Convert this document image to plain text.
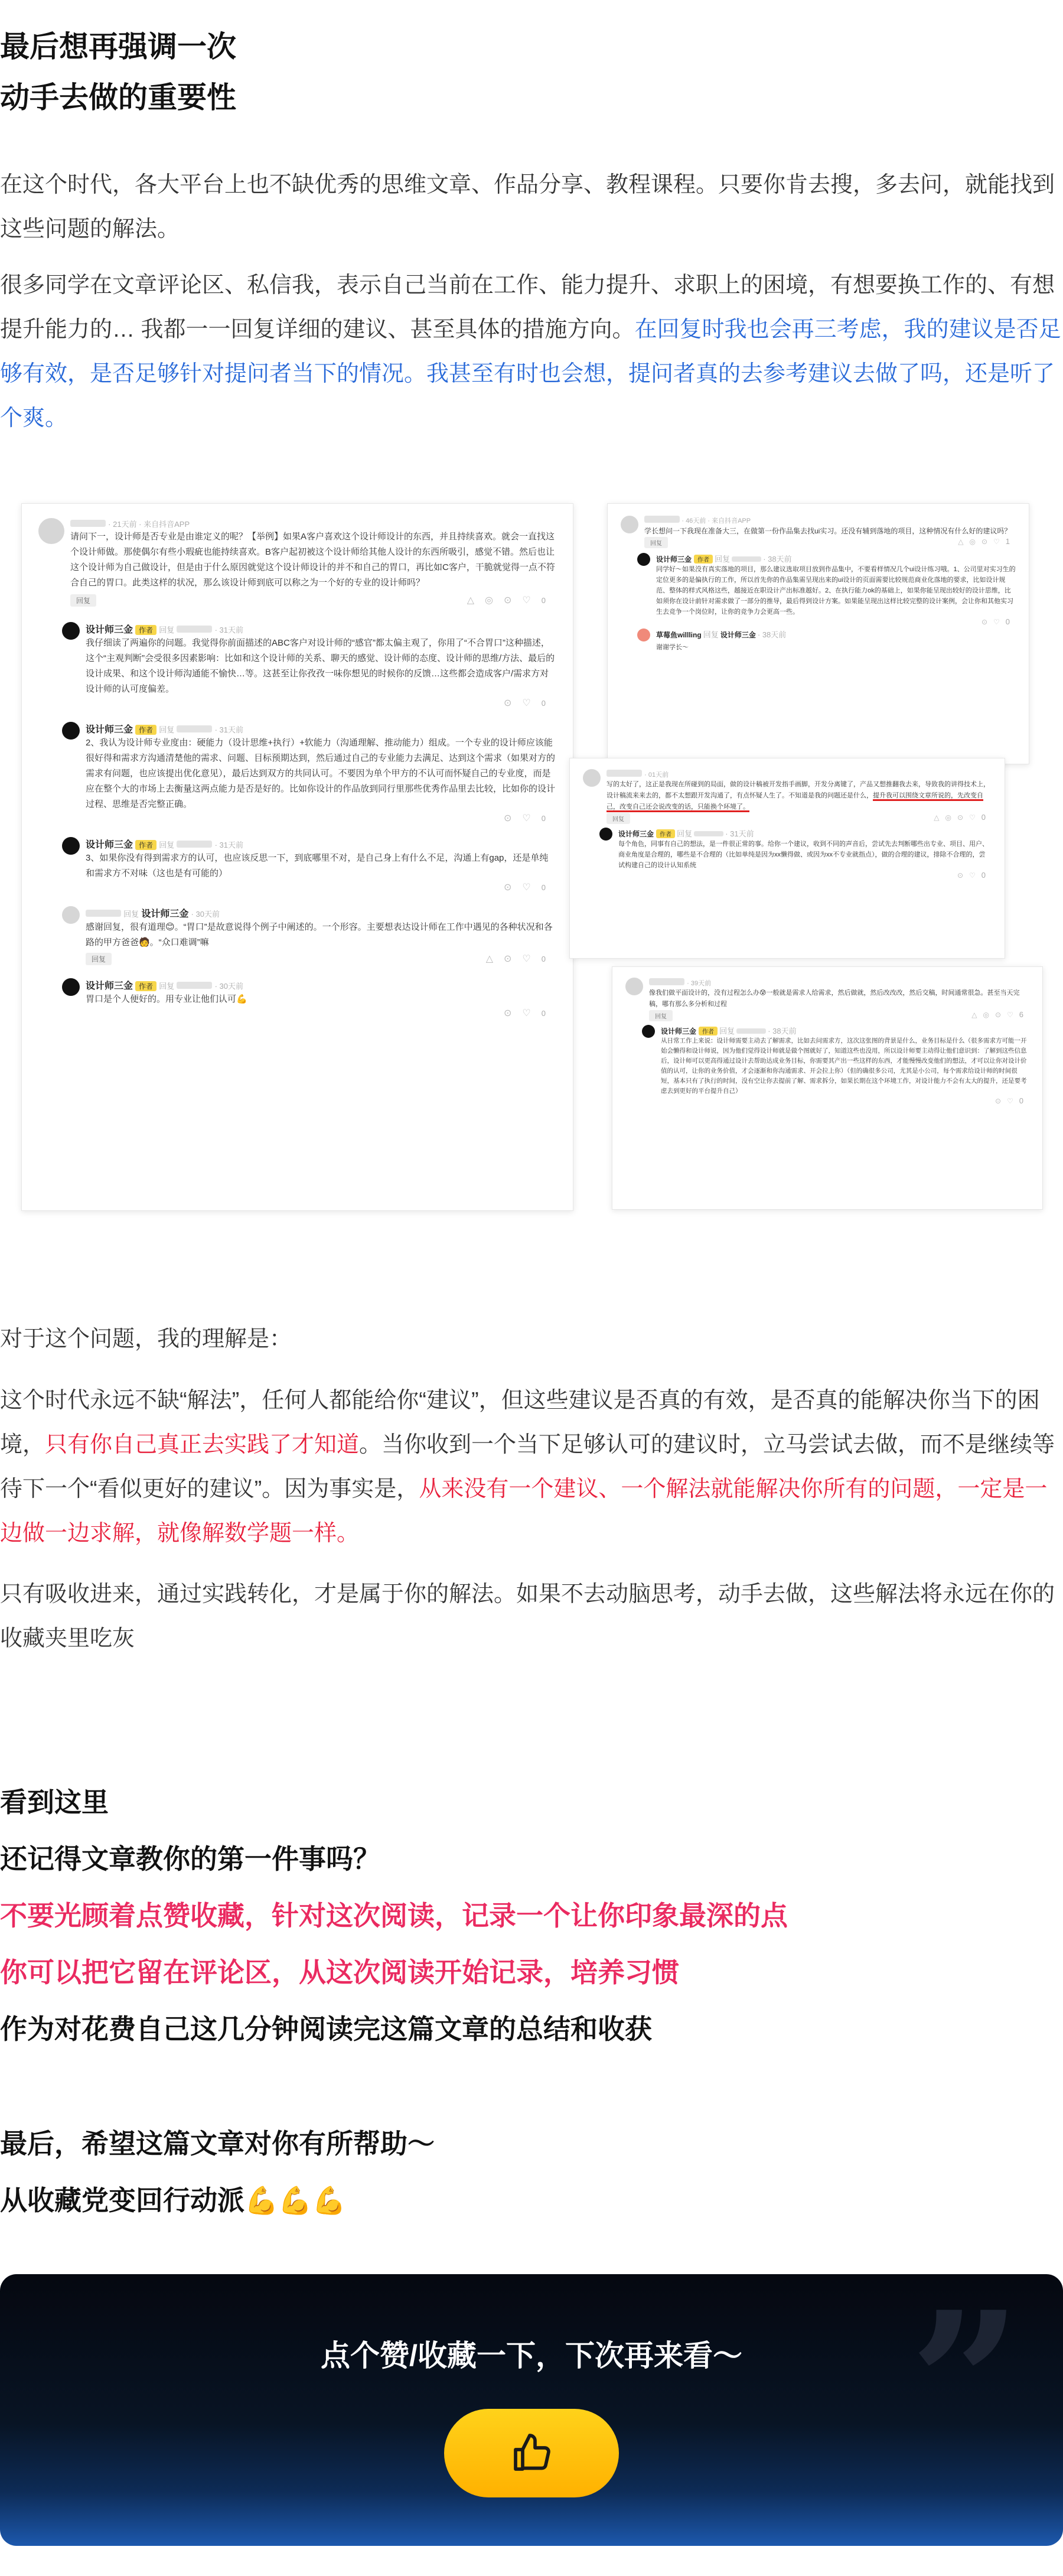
最后想再强调一次
动手去做的重要性

在这个时代，各大平台上也不缺优秀的思维文章、作品分享、教程课程。只要你肯去搜，多去问，就能找到这些问题的解法。

很多同学在文章评论区、私信我，表示自己当前在工作、能力提升、求职上的困境，有想要换工作的、有想提升能力的… 我都一一回复详细的建议、甚至具体的措施方向。在回复时我也会再三考虑，我的建议是否足够有效，是否足够针对提问者当下的情况。我甚至有时也会想，提问者真的去参考建议去做了吗，还是听了个爽。

· 21天前 · 来自抖音APP
请问下一，设计师是否专业是由谁定义的呢？【举例】如果A客户喜欢这个设计师设计的东西，并且持续喜欢。就会一直找这个设计师做。那使偶尔有些小瑕疵也能持续喜欢。B客户起初被这个设计师给其他人设计的东西所吸引，感觉不错。然后也让这个设计师为自己做设计，但是由于什么原因就觉这个设计师设计的并不和自己的胃口，再比如C客户，干脆就觉得一点不符合自己的胃口。此类这样的状况，那么该设计师到底可以称之为一个好的专业的设计师吗？
回复	△◎⊙♡0
设计师三金 作者 回复	· 31天前
我仔细读了两遍你的问题。我觉得你前面描述的ABC客户对设计师的“感官”都太偏主观了，你用了“不合胃口”这种描述，这个“主观判断”会受很多因素影响：比如和这个设计师的关系、聊天的感觉、设计师的态度、设计师的思维/方法、最后的设计成果、和这个设计师沟通能不愉快…等。这甚至让你孜孜一味你想见的时候你的反馈…这些都会造成客户/需求方对设计师的认可度偏差。
⊙♡0
设计师三金 作者 回复	· 31天前
2、我认为设计师专业度由：硬能力（设计思维+执行）+软能力（沟通理解、推动能力）组成。一个专业的设计师应该能很好得和需求方沟通清楚他的需求、问题、目标预期达到，然后通过自己的专业能力去满足、达到这个需求（如果对方的需求有问题，也应该提出优化意见），最后达到双方的共同认可。不要因为单个甲方的不认可而怀疑自己的专业度，而是应在整个大的市场上去衡量这两点能力是否是好的。比如你设计的作品放到同行里那些优秀作品里去比较，比如你的设计过程、思维是否完整正确。
⊙♡0
设计师三金 作者 回复	· 31天前
3、如果你没有得到需求方的认可，也应该反思一下，到底哪里不对，是自己身上有什么不足，沟通上有gap，还是单纯和需求方不对味（这也是有可能的）
⊙♡0
回复 设计师三金 · 30天前
感谢回复，很有道理😊。“胃口”是故意说得个例子中阐述的。一个形容。主要想表达设计师在工作中遇见的各种状况和各路的甲方爸爸🧑。“众口难调”嘛
回复	△⊙♡0
设计师三金 作者 回复	· 30天前
胃口是个人便好的。用专业让他们认可💪
⊙♡0
· 46天前 · 来自抖音APP
学长想问一下我现在准备大三，在做第一份作品集去找ui实习。还没有辅到落地的项目，这种情况有什么好的建议吗？
回复	△◎⊙♡1
设计师三金 作者 回复	· 38天前
同学好～如果没有真实落地的项目，那么建议选取项目放到作品集中，不要看样情况几个ui设计练习哦。1、公司里对实习生的定位更多的是偏执行的工作，所以首先你的作品集需呈现出来的ui设计的页面需要比较规范商业化落地的要求，比如设计规范、整体的样式风格这些，越接近在职设计产出标准越好。2、在执行能力ok的基础上，如果你能呈现出较好的设计思维，比如须你在设计前针对需求做了一部分的推导，最后得到设计方案。如果能呈现出这样比较完整的设计案例，会让你和其他实习生去竞争一个岗位时，让你的竞争力会更高一些。
⊙♡0
草莓鱼willling 回复 设计师三金 · 38天前
谢谢学长～
· 01天前
写的太好了，这正是我现在所碰到的局面，做的设计稿被开发指手画脚，开发分离键了，产品又想推翻我去来，导致我的讲得技术上，设计稿流来来去的，都不太想跟开发沟通了，有点怀疑人生了。不知道是我的问题还是什么，提升我可以围绕文章所说的，先改变自己，改变自己还会说改变的话，只能换个环境了。
回复	△◎⊙♡0
设计师三金 作者 回复	· 31天前
每个角色，同事有自己的想法，是一件很正常的事。给你一个建议，收到不同的声音后，尝试先去判断哪些出专业、项目、用户、商业角度是合理的，哪些是不合理的（比如单纯是因为xx懒得做、或因为xx不专业就指点），做的合理的建议，排除不合理的，尝试构建自己的设计认知系统
⊙♡0
· 39天前
像我们做平面设计的，没有过程怎么办😰一般就是需求人给需求，然后做就，然后改改改，然后交稿，时间通常很急。甚至当天完稿，哪有那么多分析和过程
回复	△◎⊙♡6
设计师三金 作者 回复	· 38天前
从日常工作上来说：设计师需要主动去了解需求，比如去问需求方，这次这张图的背景是什么，业务目标是什么（很多需求方可能一开始会懒得和设计师说，因为他们觉得设计师就是做个图就好了，知道这些也没用，所以设计师要主动得让他们意识到：了解到这些信息后，设计师可以更高得通过设计去帮助达成业务目标，你需要其产出一些这样的东西，才能慢慢改变他们的想法，才可以让你对设计价值的认可，让你的业务价值，才会逐渐和你沟通需求、开会拉上你）（但的确很多公司，尤其是小公司，每个需求给设计师的时间很短，基本只有了执行的时间，没有空让你去提前了解、需求拆分，如果长期在这个环境工作，对设计能力不会有太大的提升，还是要考虑去到更好的平台提升自己）
⊙♡0

对于这个问题，我的理解是：

这个时代永远不缺“解法”，任何人都能给你“建议”，但这些建议是否真的有效，是否真的能解决你当下的困境，只有你自己真正去实践了才知道。当你收到一个当下足够认可的建议时，立马尝试去做，而不是继续等待下一个“看似更好的建议”。因为事实是，从来没有一个建议、一个解法就能解决你所有的问题，一定是一边做一边求解，就像解数学题一样。

只有吸收进来，通过实践转化，才是属于你的解法。如果不去动脑思考，动手去做，这些解法将永远在你的收藏夹里吃灰

看到这里
还记得文章教你的第一件事吗？
不要光顾着点赞收藏，针对这次阅读，记录一个让你印象最深的点
你可以把它留在评论区，从这次阅读开始记录，培养习惯
作为对花费自己这几分钟阅读完这篇文章的总结和收获
最后，希望这篇文章对你有所帮助～
从收藏党变回行动派💪💪💪
”
点个赞/收藏一下，下次再来看～
